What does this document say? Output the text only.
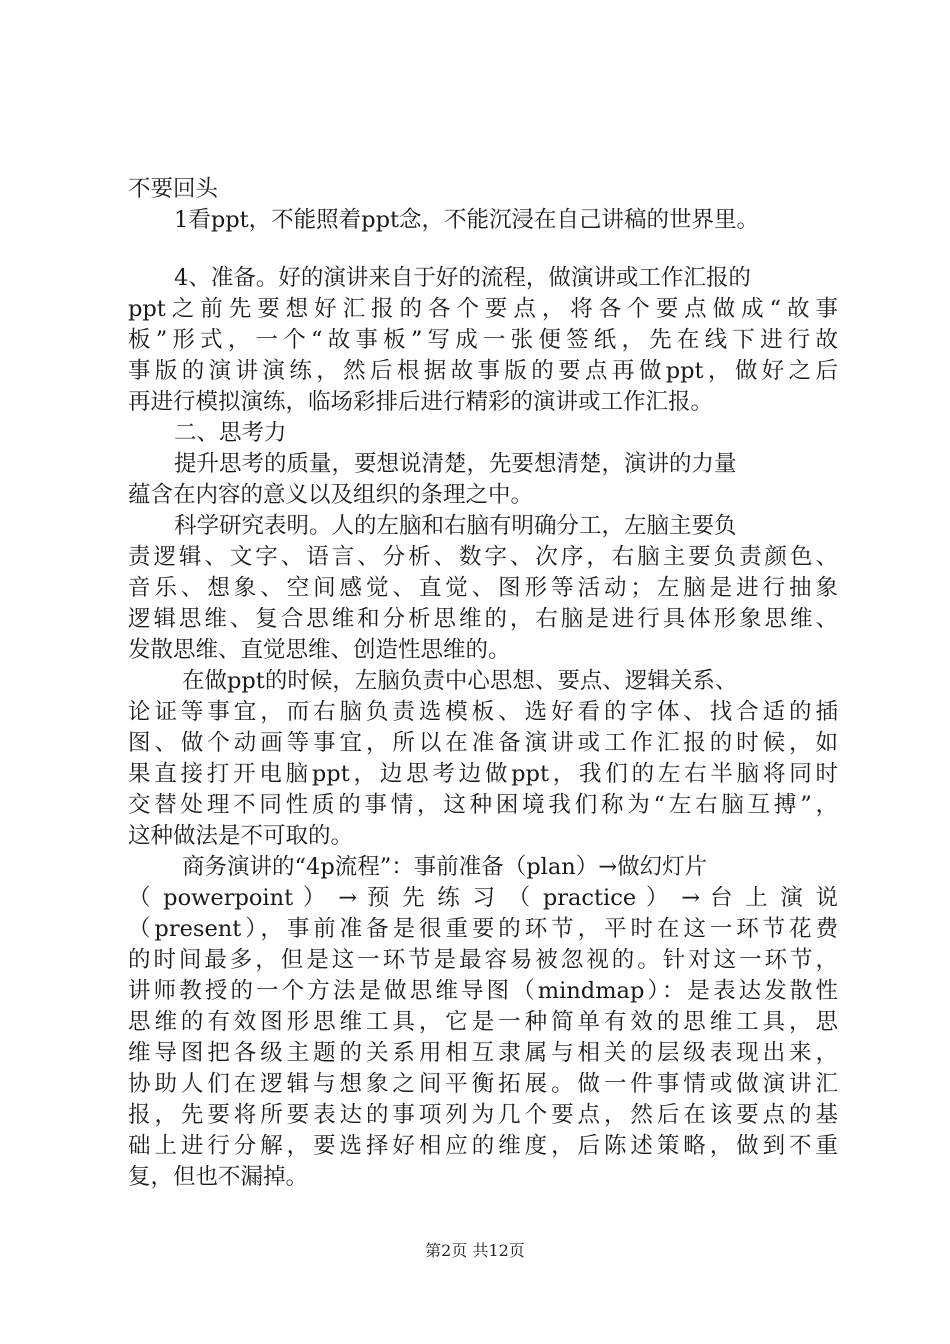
不要回头
1看ppt，不能照着ppt念，不能沉浸在自己讲稿的世界里。
4、准备。好的演讲来自于好的流程，做演讲或工作汇报的
ppt之前先要想好汇报的各个要点，将各个要点做成“故事
板”形式，一个“故事板”写成一张便签纸，先在线下进行故
事版的演讲演练，然后根据故事版的要点再做ppt，做好之后
再进行模拟演练，临场彩排后进行精彩的演讲或工作汇报。
二、思考力
提升思考的质量，要想说清楚，先要想清楚，演讲的力量
蕴含在内容的意义以及组织的条理之中。
科学研究表明。人的左脑和右脑有明确分工，左脑主要负
责逻辑、文字、语言、分析、数字、次序，右脑主要负责颜色、
音乐、想象、空间感觉、直觉、图形等活动；左脑是进行抽象
逻辑思维、复合思维和分析思维的，右脑是进行具体形象思维、
发散思维、直觉思维、创造性思维的。
在做ppt的时候，左脑负责中心思想、要点、逻辑关系、
论证等事宜，而右脑负责选模板、选好看的字体、找合适的插
图、做个动画等事宜，所以在准备演讲或工作汇报的时候，如
果直接打开电脑ppt，边思考边做ppt，我们的左右半脑将同时
交替处理不同性质的事情，这种困境我们称为“左右脑互搏”，
这种做法是不可取的。
商务演讲的“4p流程”：事前准备（plan）→做幻灯片
（ powerpoint ） → 预 先 练 习 （ practice ） → 台 上 演 说
（present），事前准备是很重要的环节，平时在这一环节花费
的时间最多，但是这一环节是最容易被忽视的。针对这一环节，
讲师教授的一个方法是做思维导图（mindmap）：是表达发散性
思维的有效图形思维工具，它是一种简单有效的思维工具，思
维导图把各级主题的关系用相互隶属与相关的层级表现出来，
协助人们在逻辑与想象之间平衡拓展。做一件事情或做演讲汇
报，先要将所要表达的事项列为几个要点，然后在该要点的基
础上进行分解，要选择好相应的维度，后陈述策略，做到不重
复，但也不漏掉。
第2页 共12页
